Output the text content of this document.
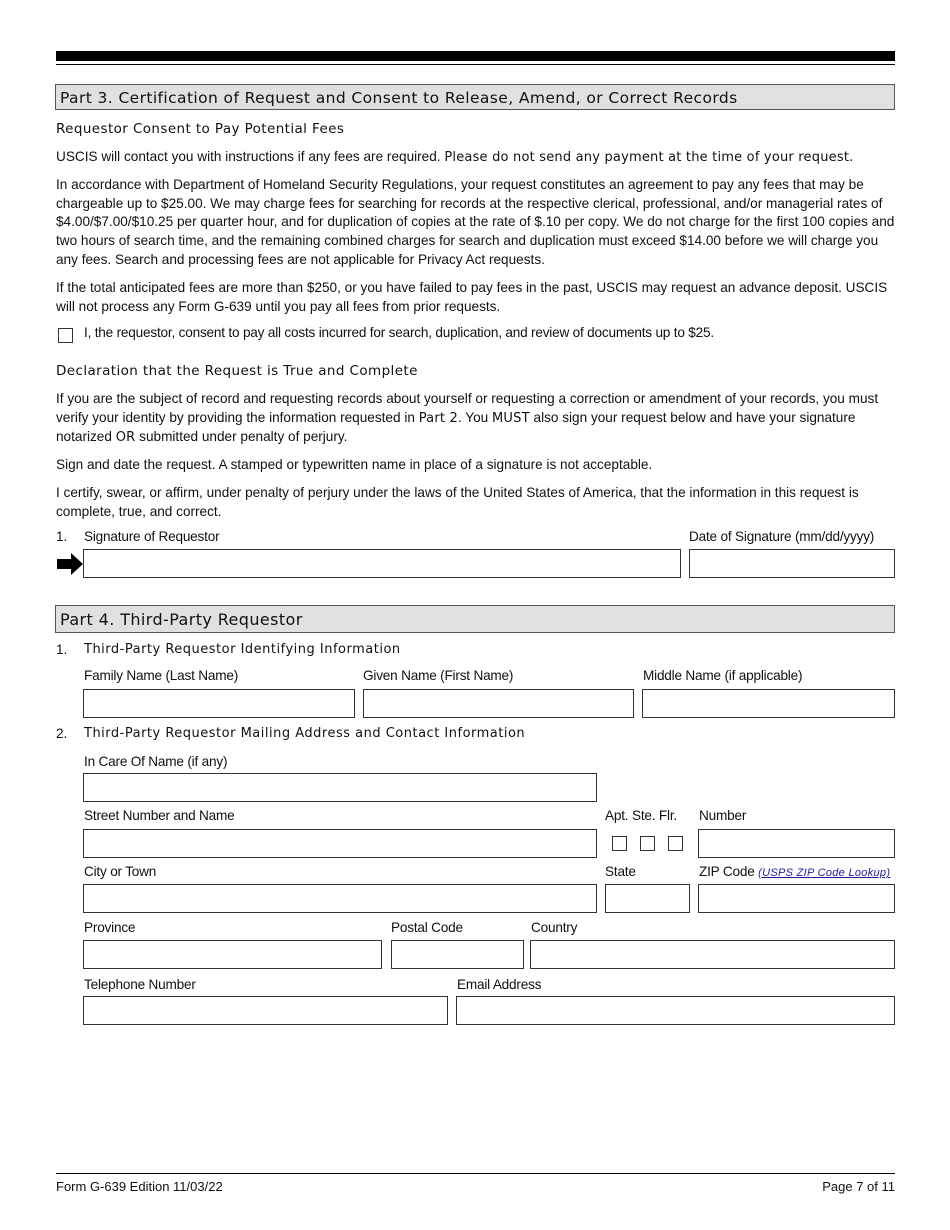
Part 3. Certification of Request and Consent to Release, Amend, or Correct Records
Requestor Consent to Pay Potential Fees

USCIS will contact you with instructions if any fees are required. Please do not send any payment at the time of your request.

In accordance with Department of Homeland Security Regulations, your request constitutes an agreement to pay any fees that may be chargeable up to $25.00. We may charge fees for searching for records at the respective clerical, professional, and/or managerial rates of $4.00/$7.00/$10.25 per quarter hour, and for duplication of copies at the rate of $.10 per copy. We do not charge for the first 100 copies and two hours of search time, and the remaining combined charges for search and duplication must exceed $14.00 before we will charge you any fees. Search and processing fees are not applicable for Privacy Act requests.

If the total anticipated fees are more than $250, or you have failed to pay fees in the past, USCIS may request an advance deposit. USCIS will not process any Form G-639 until you pay all fees from prior requests.

I, the requestor, consent to pay all costs incurred for search, duplication, and review of documents up to $25.
Declaration that the Request is True and Complete

If you are the subject of record and requesting records about yourself or requesting a correction or amendment of your records, you must verify your identity by providing the information requested in Part 2. You MUST also sign your request below and have your signature notarized OR submitted under penalty of perjury.

Sign and date the request. A stamped or typewritten name in place of a signature is not acceptable.

I certify, swear, or affirm, under penalty of perjury under the laws of the United States of America, that the information in this request is complete, true, and correct.

1. Signature of Requestor	Date of Signature (mm/dd/yyyy)
Part 4. Third-Party Requestor
1. Third-Party Requestor Identifying Information
Family Name (Last Name)	Given Name (First Name)	Middle Name (if applicable)
2. Third-Party Requestor Mailing Address and Contact Information
In Care Of Name (if any)
Street Number and Name	Apt. Ste. Flr. Number
City or Town	State	ZIP Code (USPS ZIP Code Lookup)
Province	Postal Code	Country
Telephone Number	Email Address
Form G-639 Edition 11/03/22	Page 7 of 11
